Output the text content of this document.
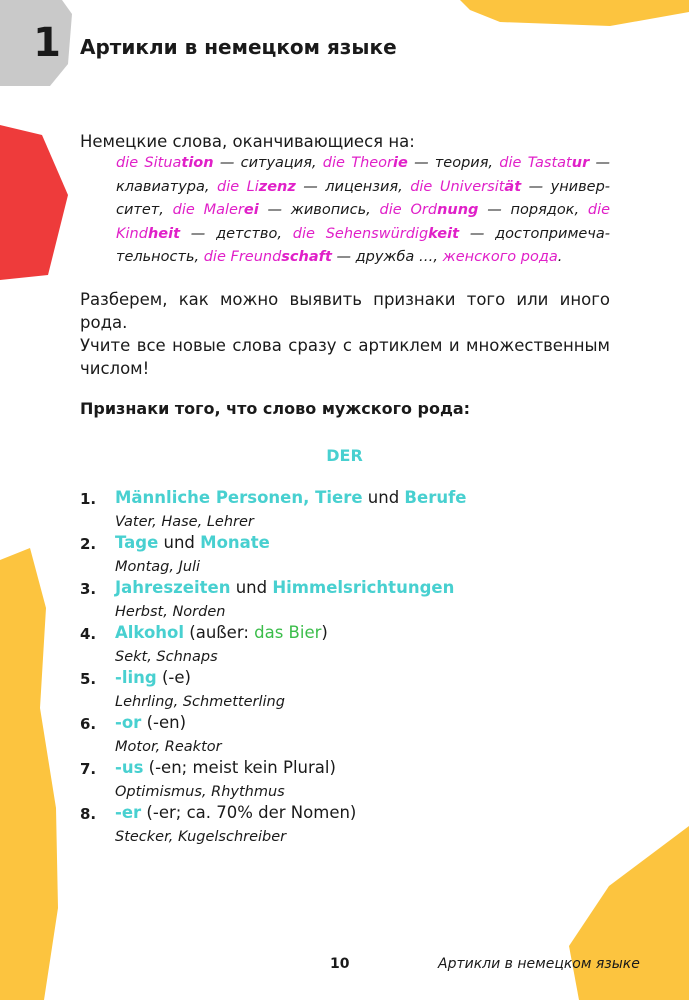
1 Артикли в немецком языке
Немецкие слова, оканчивающиеся на:
die Situation — ситуация, die Theorie — теория, die Tastatur — клавиатура, die Lizenz — лицензия, die Universität — университет, die Malerei — живопись, die Ordnung — порядок, die Kindheit — детство, die Sehenswürdigkeit — достопримечательность, die Freundschaft — дружба …, женского рода.
Разберем, как можно выявить признаки того или иного рода.
Учите все новые слова сразу с артиклем и множественным числом!
Признаки того, что слово мужского рода:
DER
1. Männliche Personen, Tiere und Berufe
Vater, Hase, Lehrer
2. Tage und Monate
Montag, Juli
3. Jahreszeiten und Himmelsrichtungen
Herbst, Norden
4. Alkohol (außer: das Bier)
Sekt, Schnaps
5. -ling (-e)
Lehrling, Schmetterling
6. -or (-en)
Motor, Reaktor
7. -us (-en; meist kein Plural)
Optimismus, Rhythmus
8. -er (-er; ca. 70% der Nomen)
Stecker, Kugelschreiber
10	Артикли в немецком языке
